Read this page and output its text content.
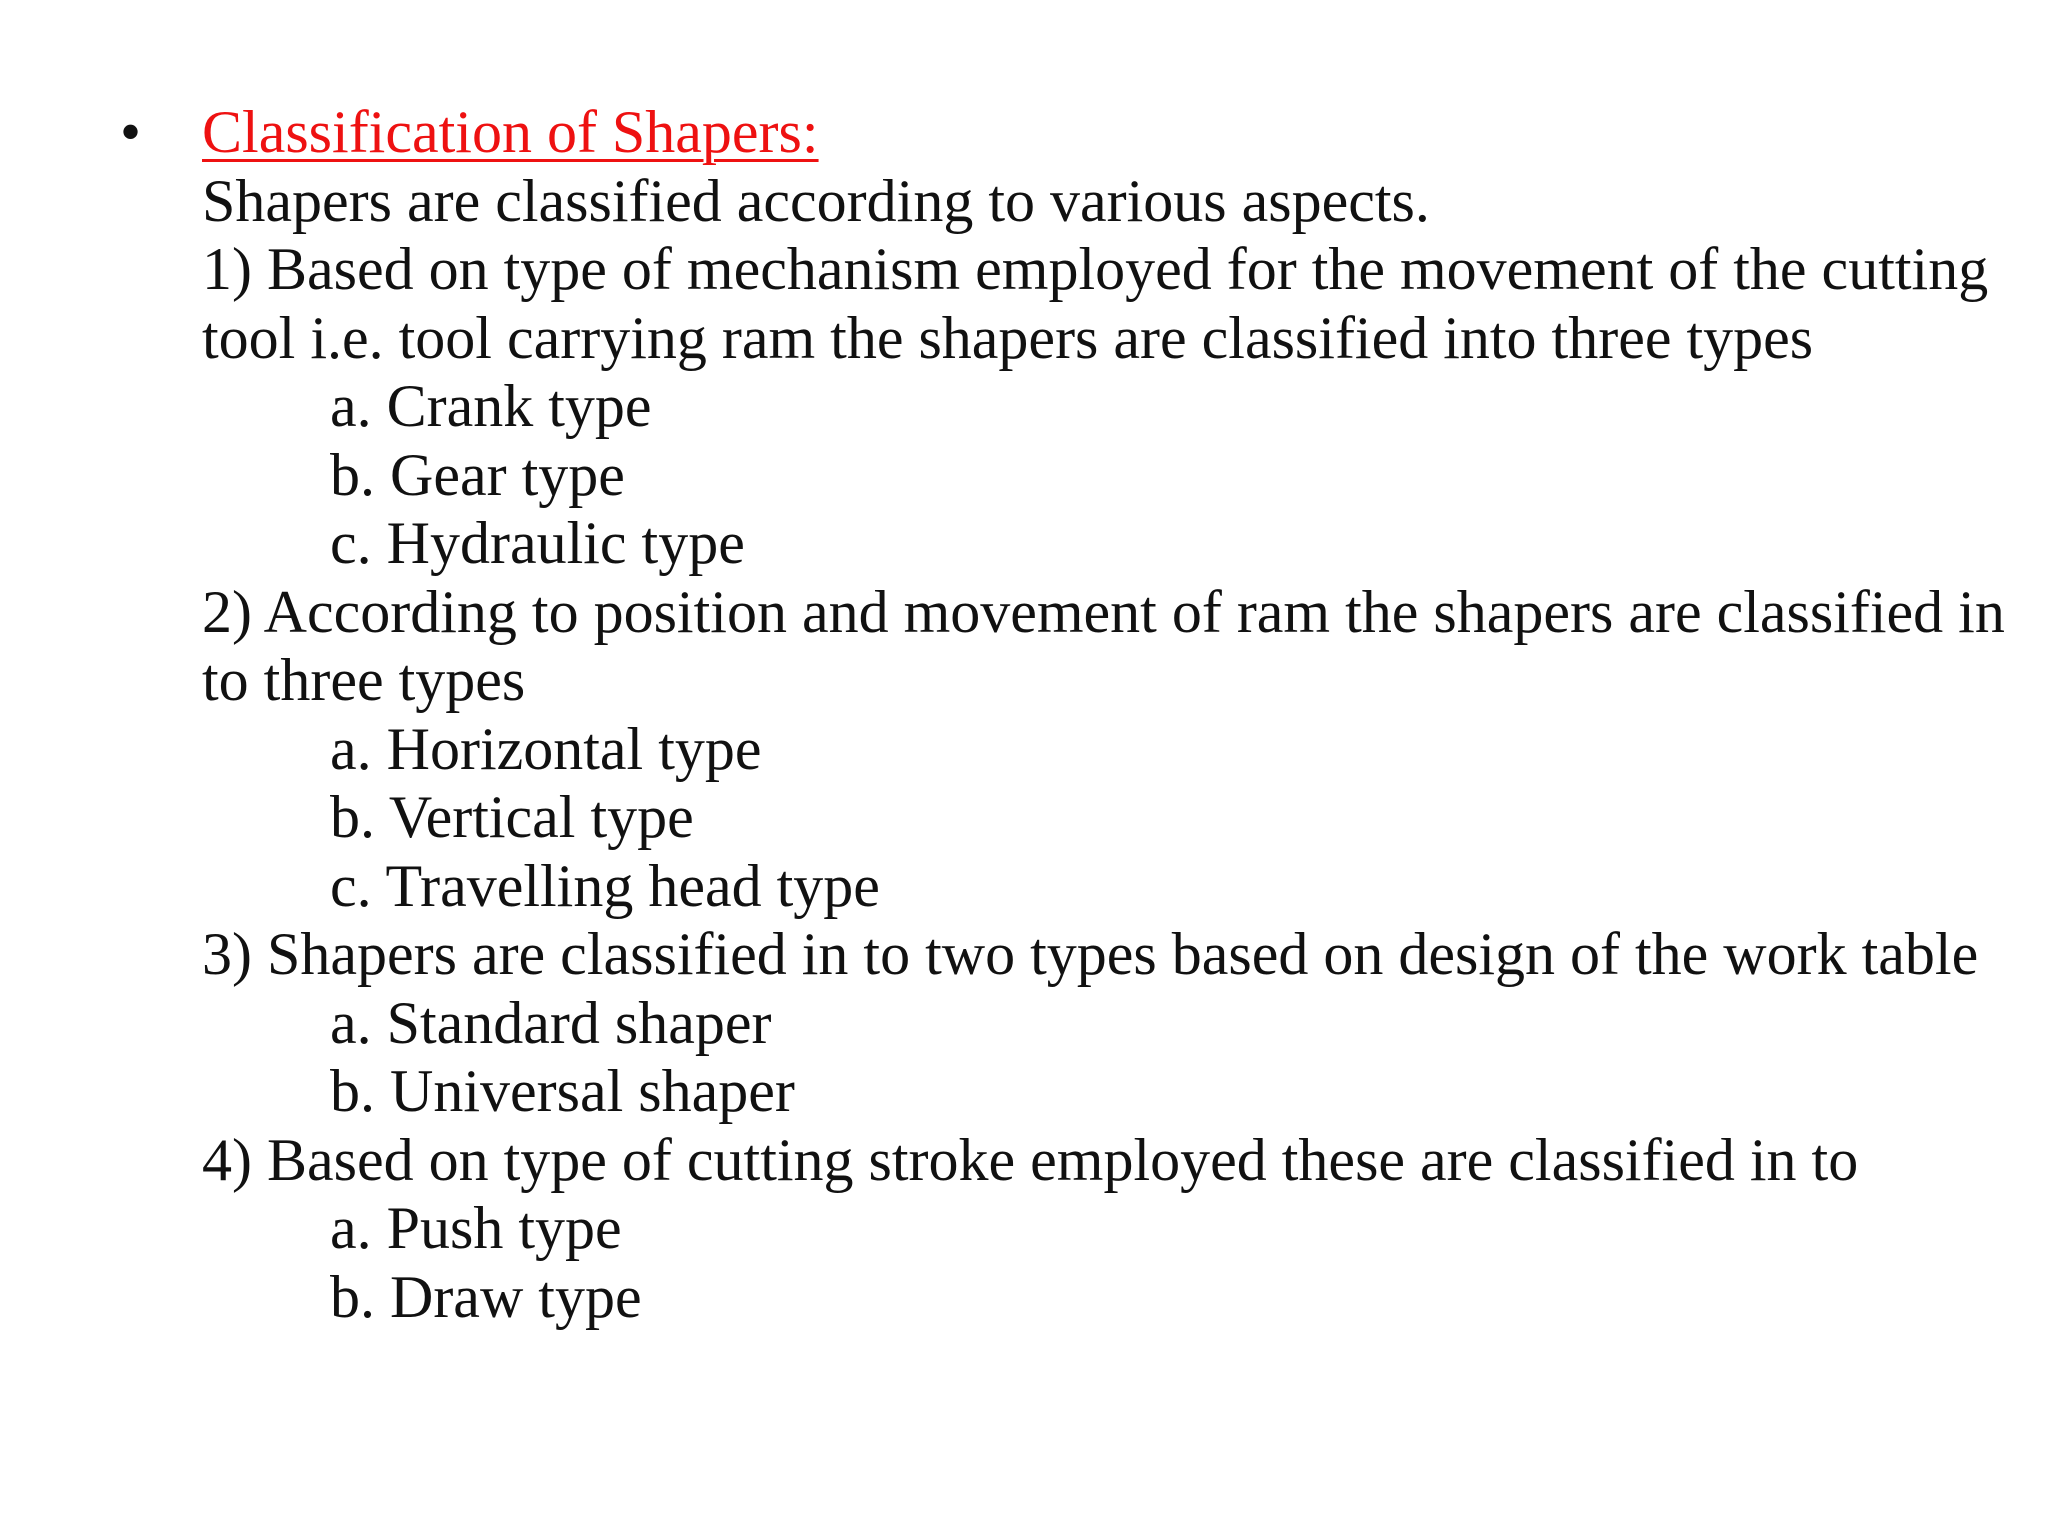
• Classification of Shapers:
Shapers are classified according to various aspects.
1) Based on type of mechanism employed for the movement of the cutting
tool i.e. tool carrying ram the shapers are classified into three types
a. Crank type
b. Gear type
c. Hydraulic type
2) According to position and movement of ram the shapers are classified in
to three types
a. Horizontal type
b. Vertical type
c. Travelling head type
3) Shapers are classified in to two types based on design of the work table
a. Standard shaper
b. Universal shaper
4) Based on type of cutting stroke employed these are classified in to
a. Push type
b. Draw type
